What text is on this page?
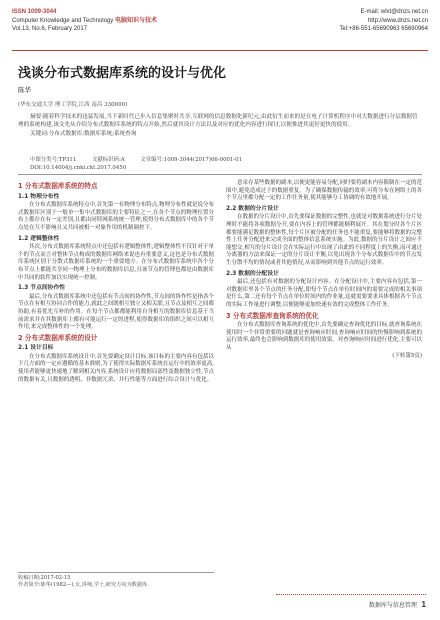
ISSN 1009-3044
Computer Knowledge and Technology 电脑知识与技术
Vol.13, No.6, February 2017
E-mail: wlxt@dnzs.net.cn
http://www.dnzs.net.cn
Tel:+86-551-65690963 65690964
浅谈分布式数据库系统的设计与优化
陈华
(华东交通大学 理工学院,江西 南昌 330000)

摘要:随着科学技术的迅猛发展,当下新时代已步入信息集聚时共享,互联网的信息数据化新纪元,由此衍生而来的是在电子计算机程序中对大数据进行分层数据管理的系统构建,该文先从介绍分布式数据库系统的特点开始,然后就其设计方法以及对应的优化内容进行探讨,以便推进其更好更快的使用.

关键词:分布式数据库;数据库系统;系统查询

中图分类号:TP311	文献标识码:A	文章编号:1009-3044(2017)06-0001-01
DOI:10.14004/j.cnki.ckt.2017.0450
1 分布式数据库系统的特点
1.1 物理分布性

在分布式数据库系统特点中,首先第一有物理分布特点,物理分布性就是说分布式数据库区别于一般单一集中式数据库的主要特征之一,在各个节点的物理位置分布上都存在有一定差别,且都由同特网系统统一管理,使得分布式数据库中的各个节点处在互不影响且又共同被相一对象作用的机制调控下。

1.2 逻辑整体性

其次,分布式数据库系统特点中还包括有逻辑整体性,逻辑整体性不仅针对于单个的节点而言对整体节点构成的数据库网络来说也有重要意义,这也是分布式数据库系统区别于分散式数据库系统的一个重要地方。在分布式数据库系统中各个分布节点上都能共享同一物理上分布的数据库信息,且该节点的管理也都是由数据库中共同的软件加以实现统一控制。

1.3 节点间协作性

最后,分布式数据库系统中还包括有节点间的协作性,节点间的协作性是指各个节点在有相互协同合作的能力,就此之间既相互独立又相关联,且节点及相互之间都协助,有着优先互补的作用。在每个节点都都能利用自身相互的数据库信息基于当前需求并在其数据库上都有可能运行一定的进程,使得数据库的组织之间可以相互作用,来完成整体性的一个处理。

2 分布式数据库系统的设计
2.1 设计目标

在分布式数据库系统设计中,首先要确定设计目标,该目标的主要内容有包括以下几方面的一定应遵循的基本准则,为了使得实际数据库系统在运行中的效率更高,使用者能够更快速地了解到相关内容,系统设计应将数据局部性及数据独立性,节点的数据有关,且数据的透明、非数据冗余、并行性能等方面进行综合设计与优化。

意采存某些数据的副本,以便更能容易分配,同时要将副本内容限制在一定的范围中,避免造成过于的数据重复。为了确保数据传输的效率,可将分布在网络上的各个节点里都分配一定的工作任务量,使其能够分工协调的有效地开展。

2.2 数据的分片设计

在数据的分片设计中,首先要保证数据的完整性,也就是对数据系统进行分片处理时不能将各项数据分开,要在内容上的管理都能顺利展开。其在划分时各个片区都要能满足数据的整体性,每个片区被分配的任务也不能重复,要能够将数据的完整性上任务分配进来完成全面的整体信息系统实施。为此,数据的分片设计之间应不能想交,相互的分片设计会在实际运行中出现了由此的不同程度上的失衡,而可通过分离器的方法来保证一定的分片设计平衡,以免出现各个分布式数据库中的节点发生分散不均的情况或者其他情况,从而影响到其他节点的运行效率。

2.3 数据的分配设计

最后,还包括有对数据的分配设计内容。在分配设计中,主要内容有包括,第一对数据库里各个节点的任务分配,即每个节点在单位时间内的需要完成的相关事项是什么,第二还有每个节点在单位时间内的作业量,这就需要要求具体根据各个节点的实际工作量进行调整,以便能够更加快速有效的完成整体工作任务。

3 分布式数据库查询系统的优化

在分布式数据库查询系统的优化中,首先要确定查询优化的目标,就查询系统在使用时一个非常重要的问题就是查询响应时间,查询响应时间的快慢影响到系统的运行效率,最终也会影响到数据库的使用效果。对查询响应时间进行优化,主要可以从

(下转第5页)
收稿日期:2017-02-15
作者简介:陈华(1982—),女,讲师,学士,研究方向为数据库.
数据库与信息管理 1
